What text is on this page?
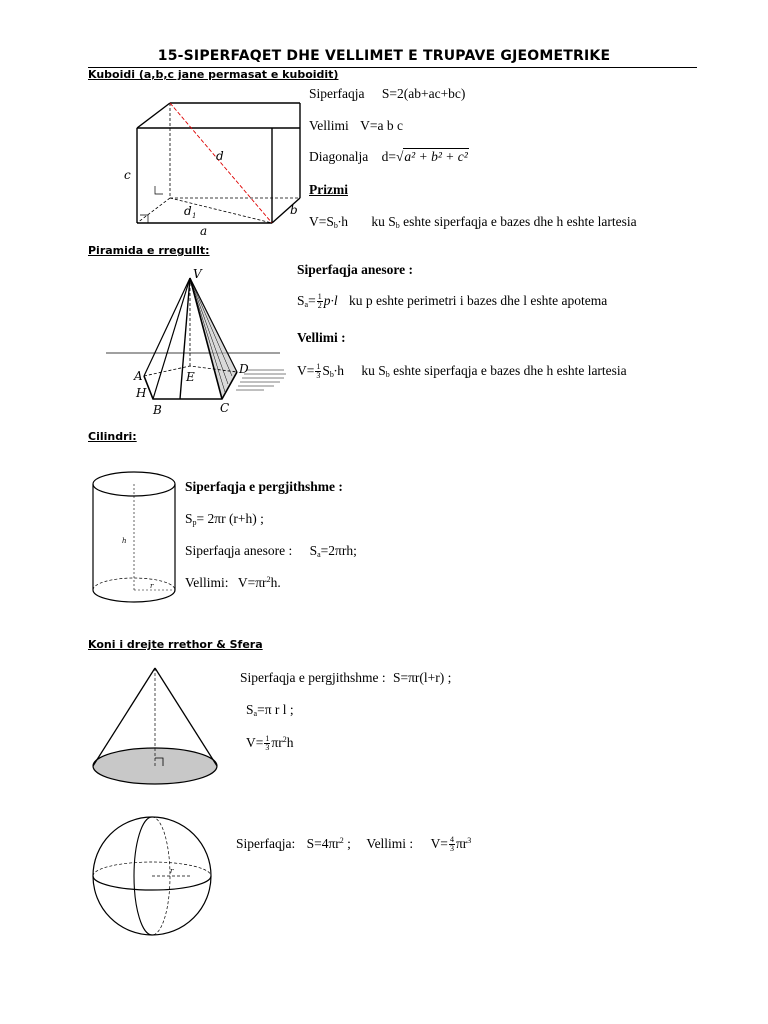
15-SIPERFAQET DHE VELLIMET E TRUPAVE GJEOMETRIKE
Kuboidi (a,b,c jane permasat e kuboidit)
c
d
d 1	b
a
Siperfaqja S=2(ab+ac+bc)
Vellimi V=a b c
Diagonalja d=√a² + b² + c²
Prizmi
$V=S_b\cdot h$ ku $S_b$ eshte siperfaqja e bazes dhe h eshte lartesia
Piramida e rregullt:
V
A	E
D
H
B	C
Siperfaqja anesore :
$S_a= \frac{1}{2} p\cdot l$ ku p eshte perimetri i bazes dhe l eshte apotema
Vellimi :
$V= \frac{1}{3} S_b\cdot h$ ku $S_b$ eshte siperfaqja e bazes dhe h eshte lartesia
Cilindri:
h
r
Siperfaqja e pergjithshme :
$S_p= 2\pi r$ (r+h) ;
Siperfaqja anesore : $S_a=2\pi rh$;
Vellimi: $V=\pi r^2h$.
Koni i drejte rrethor & Sfera
Siperfaqja e pergjithshme : S=πr(l+r) ;
$S_a=\pi$ r l ;
$V= \frac{1}{3} \pi r^2h$
r
Siperfaqja: $S=4\pi r^2$ ; Vellimi : $V= \frac{4}{3} \pi r^3$
